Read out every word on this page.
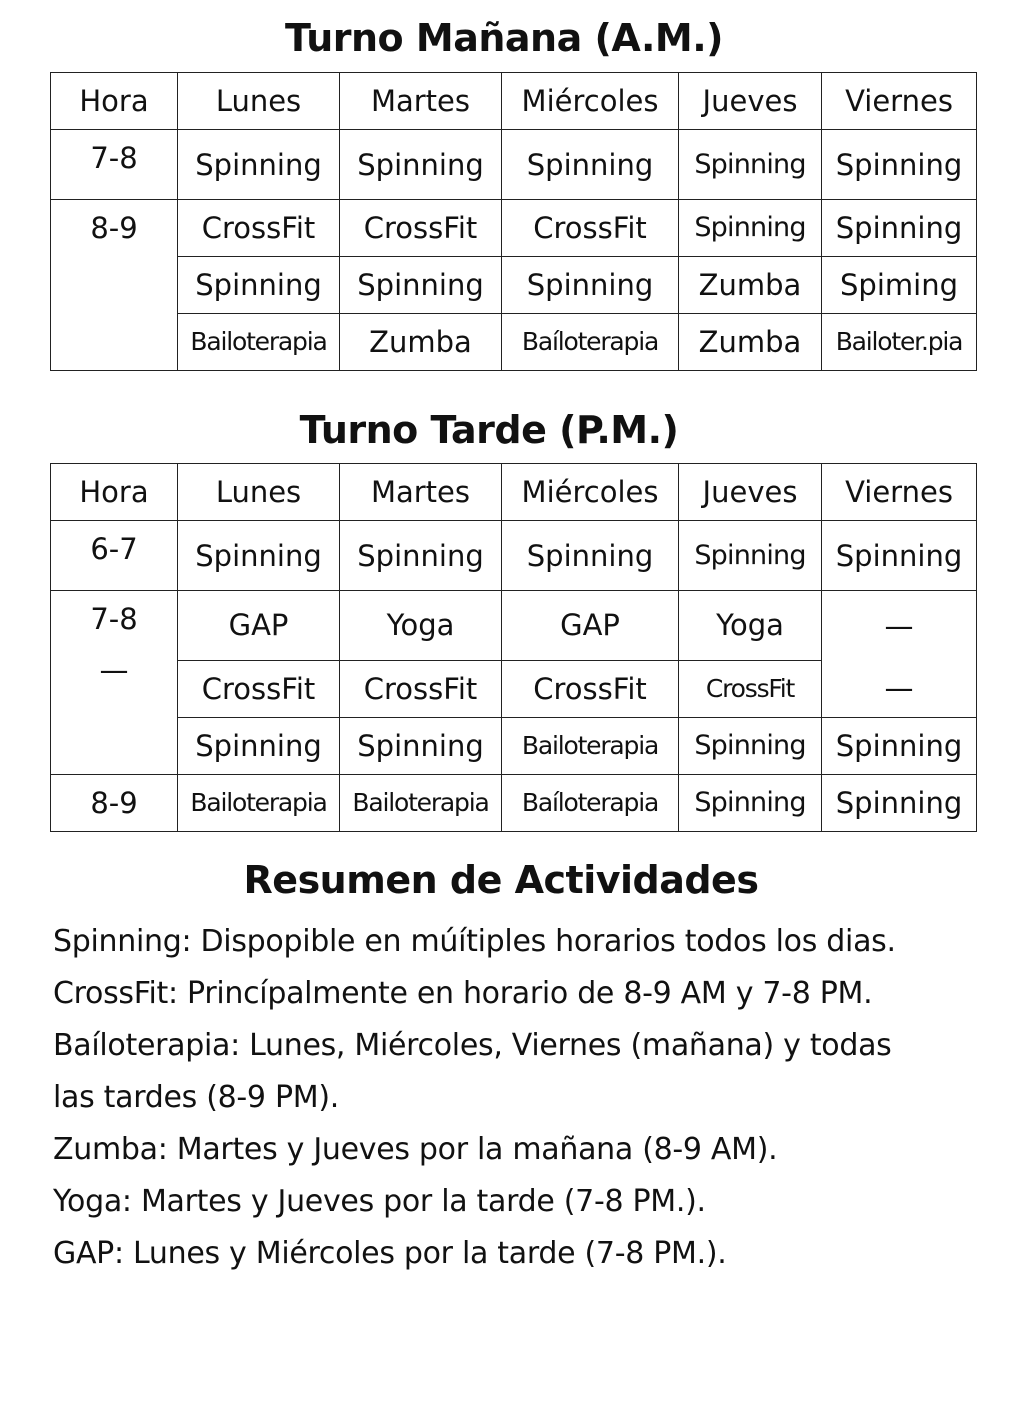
Turno Mañana (A.M.)
Hora	Lunes	Martes	Miércoles	Jueves	Viernes
7-8	Spinning	Spinning	Spinning	Spinning	Spinning
8-9	CrossFit	CrossFit	CrossFit	Spinning	Spinning
	Spinning	Spinning	Spinning	Zumba	Spiming
	Bailoterapia	Zumba	Baíloterapia	Zumba	Bailoter.pia
Turno Tarde (P.M.)
Hora	Lunes	Martes	Miércoles	Jueves	Viernes
6-7	Spinning	Spinning	Spinning	Spinning	Spinning
7-8	GAP	Yoga	GAP	Yoga	—
—	CrossFit	CrossFit	CrossFit	CrossFit	—
	Spinning	Spinning	Bailoterapia	Spinning	Spinning
8-9	Bailoterapia	Bailoterapia	Baíloterapia	Spinning	Spinning
Resumen de Actividades
Spinning: Dispopible en múítiples horarios todos los dias.
CrossFit: Princípalmente en horario de 8-9 AM y 7-8 PM.
Baíloterapia: Lunes, Miércoles, Viernes (mañana) y todas
las tardes (8-9 PM).
Zumba: Martes y Jueves por la mañana (8-9 AM).
Yoga: Martes y Jueves por la tarde (7-8 PM.).
GAP: Lunes y Miércoles por la tarde (7-8 PM.).
